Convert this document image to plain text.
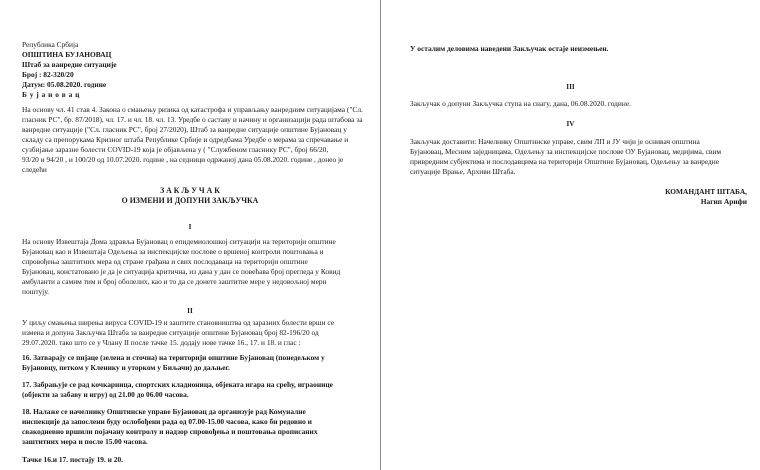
Република Србија

ОПШТИНА БУЈАНОВАЦ

Штаб за ванредне ситуације

Број : 82-320/20

Датум: 05.08.2020. године

Б у ј а н о в а ц

На основу чл. 41 став 4. Закона о смањењу ризика од катастрофа и управљању ванредним ситуацијама ("Сл.

гласник РС", бр. 87/2018), чл. 17. и чл. 18. чл. 13. Уредбе о саставу и начину и организацији рада штабова за

ванредне ситуације ("Сл. гласник РС", број 27/2020), Штаб за ванредне ситуације општине Бујановац у

складу са препорукама Кризног штаба Републике Србије и одредбама Уредбе о мерама за спречавање и

сузбијање заразне болести COVID-19 која је објављена у ( "Службеном гласнику РС", број 66/20,

93/20 и 94/20 , и 100/20 од 10.07.2020. године , на седници одржаној дана 05.08.2020. године , донео је

следећи

З А К Љ У Ч А К

О ИЗМЕНИ И ДОПУНИ ЗАКЉУЧКА

I

На основу Извештаја Дома здравља Бујановац о епидемиолошкој ситуацији на територији општине

Бујановац као и Извештаја Одељења за инспекцијске послове о вршеној контроли поштовања и

спровођења заштитних мера од стране грађана и свих послодаваца на територији општине

Бујановац, констатовано је да је ситуација критична, из дана у дан се повећава број прегледа у Ковид

амбуланти а самим тим и број оболелих, као и то да се донете заштитне мере у недовољној мери

поштују.

II

У циљу смањења ширења вируса COVID-19 и заштите становништва од заразних болести врши се

измена и допуна Закључка Штаба за ванредне ситуације општине Бујановац број 82-196/20 од

29.07.2020. тако што се у Члану II после тачке 15. додају нове тачке 16., 17. и 18. и глас :

16. Затварају се пијаце (зелена и сточна) на територији општине Бујановац (понедељком у

Бујановцу, петком у Кленику и уторком у Биљачи) до даљњег.

17. Забрањује се рад кочкарница, спортских кладионица, објеката игара на срећу, играонице

(објекти за забаву и игру) од 21.00 до 06.00 часова.

18. Налаже се начелнику Општинске управе Бујановац да организује рад Комуналне

инспекције да запослени буду ослобођени рада од 07.00-15.00 часова, како би редовно и

свакодневно вршили појачану контролу и надзор спровођења и поштовања прописаних

заштитних мера и после 15.00 часова.

Тачке 16.и 17. постају 19. и 20.

У осталим деловима наведени Закључак остаје неизмењен.

III

Закључак о допуни Закључка ступа на снагу, дана, 06.08.2020. године.

IV

Закључак доставити: Начелнику Општинске управе, свим ЛП и ЈУ чији је оснивач општина

Бујановац, Месним заједницама, Одељењу за инспекцијске послове ОУ Бујановац, медијима, свим

привредним субјектима и послодавцима на територији Општине Бујановац, Одељењу за ванредне

ситуације Врање, Архиви Штаба.

КОМАНДАНТ ШТАБА,

Нагип Арифи
